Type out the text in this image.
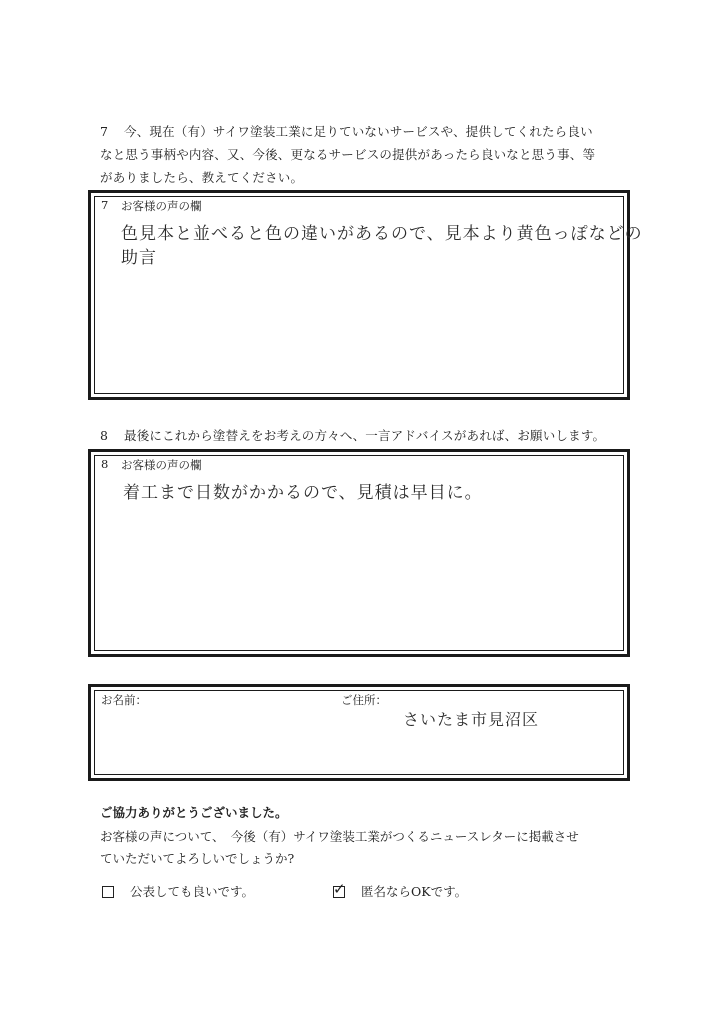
7 今、現在（有）サイワ塗装工業に足りていないサービスや、提供してくれたら良い
なと思う事柄や内容、又、今後、更なるサービスの提供があったら良いなと思う事、等
がありましたら、教えてください。
7 お客様の声の欄
色見本と並べると色の違いがあるので、見本より黄色っぽなどの
助言
8 最後にこれから塗替えをお考えの方々へ、一言アドバイスがあれば、お願いします。
8 お客様の声の欄
着工まで日数がかかるので、見積は早目に。
お名前：	ご住所：
さいたま市見沼区
ご協力ありがとうございました。
お客様の声について、　今後（有）サイワ塗装工業がつくるニュースレターに掲載させ
ていただいてよろしいでしょうか?
公表しても良いです。	✓ 匿名ならOKです。
